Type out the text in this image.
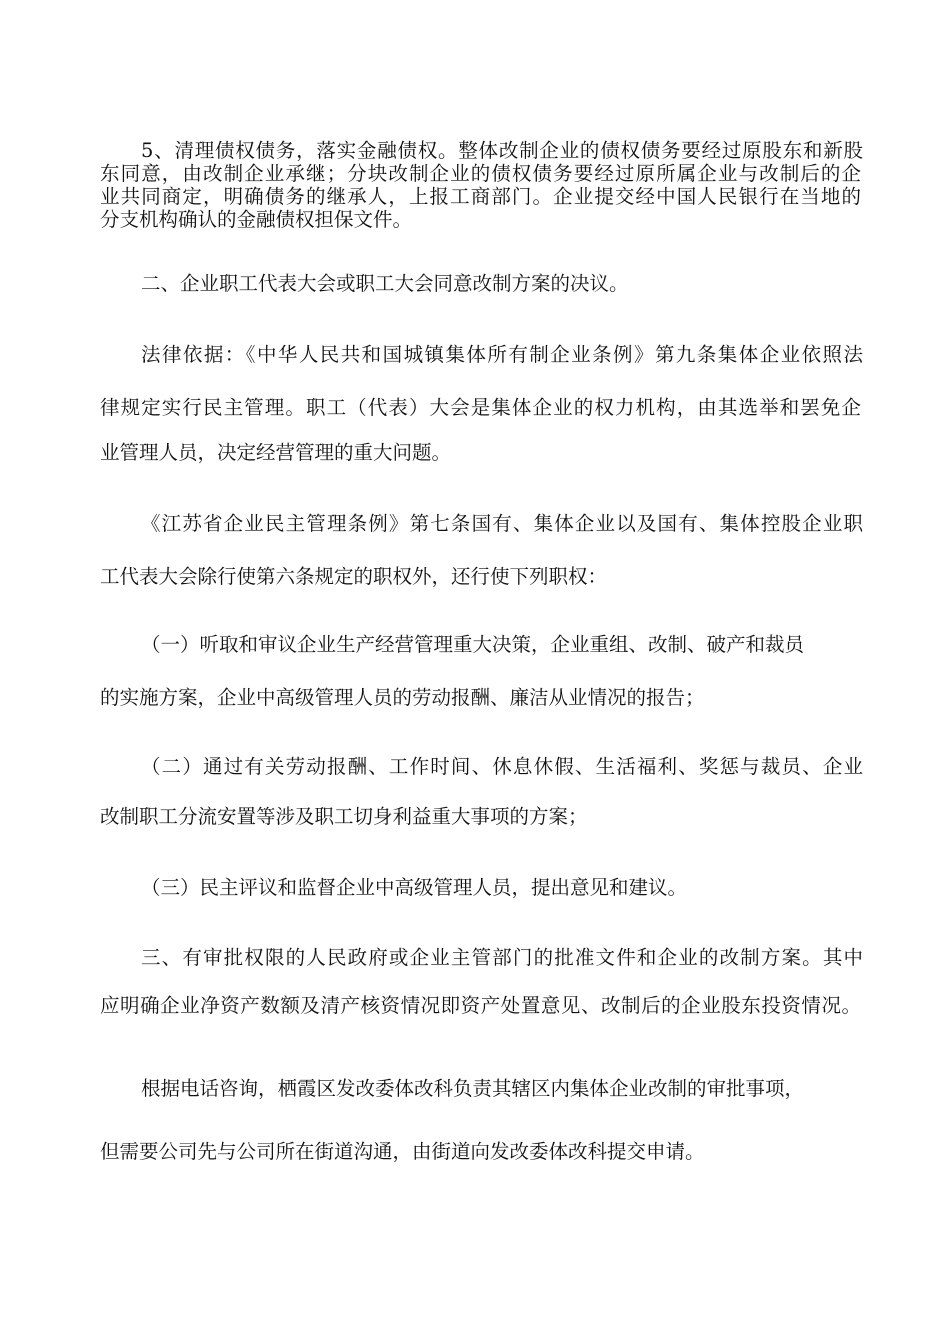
5、清理债权债务，落实金融债权。整体改制企业的债权债务要经过原股东和新股

东同意，由改制企业承继；分块改制企业的债权债务要经过原所属企业与改制后的企

业共同商定，明确债务的继承人，上报工商部门。企业提交经中国人民银行在当地的

分支机构确认的金融债权担保文件。

二、企业职工代表大会或职工大会同意改制方案的决议。

法律依据：《中华人民共和国城镇集体所有制企业条例》第九条集体企业依照法

律规定实行民主管理。职工（代表）大会是集体企业的权力机构，由其选举和罢免企

业管理人员，决定经营管理的重大问题。

《江苏省企业民主管理条例》第七条国有、集体企业以及国有、集体控股企业职

工代表大会除行使第六条规定的职权外，还行使下列职权：

（一）听取和审议企业生产经营管理重大决策，企业重组、改制、破产和裁员

的实施方案，企业中高级管理人员的劳动报酬、廉洁从业情况的报告；

（二）通过有关劳动报酬、工作时间、休息休假、生活福利、奖惩与裁员、企业

改制职工分流安置等涉及职工切身利益重大事项的方案；

（三）民主评议和监督企业中高级管理人员，提出意见和建议。

三、有审批权限的人民政府或企业主管部门的批准文件和企业的改制方案。其中

应明确企业净资产数额及清产核资情况即资产处置意见、改制后的企业股东投资情况。

根据电话咨询，栖霞区发改委体改科负责其辖区内集体企业改制的审批事项，

但需要公司先与公司所在街道沟通，由街道向发改委体改科提交申请。
